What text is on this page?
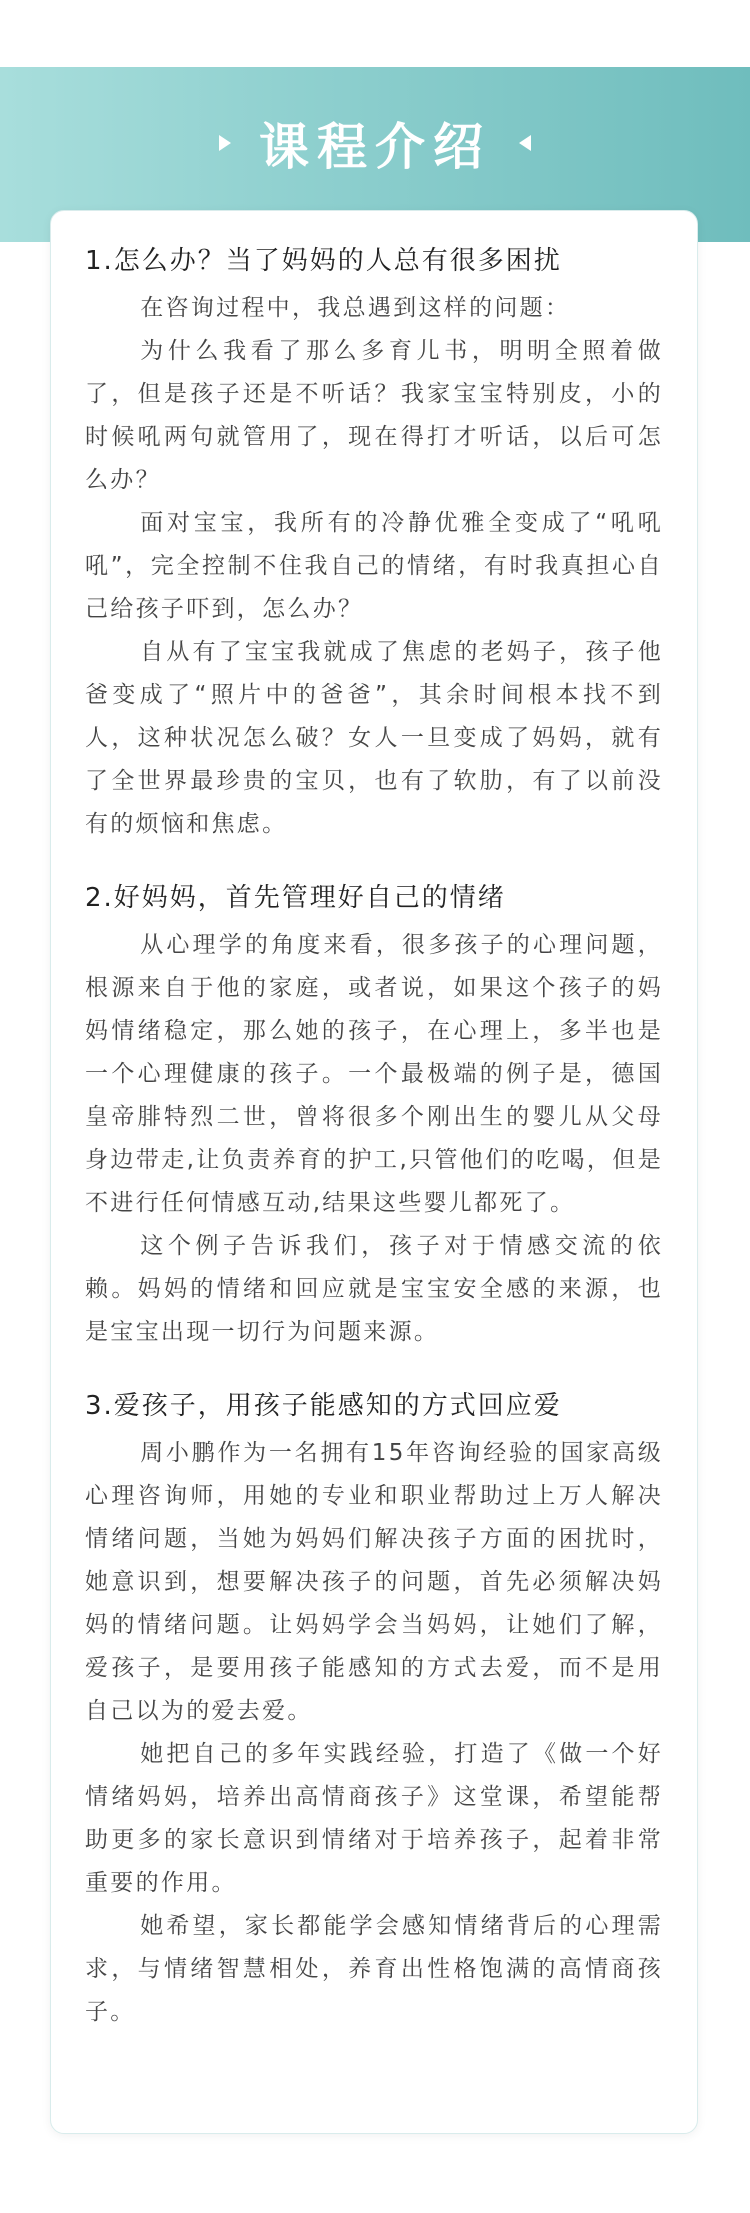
课程介绍

1.怎么办？当了妈妈的人总有很多困扰

在咨询过程中，我总遇到这样的问题：

为什么我看了那么多育儿书，明明全照着做了，但是孩子还是不听话？我家宝宝特别皮，小的时候吼两句就管用了，现在得打才听话，以后可怎么办？

面对宝宝，我所有的冷静优雅全变成了“吼吼吼”，完全控制不住我自己的情绪，有时我真担心自己给孩子吓到，怎么办？

自从有了宝宝我就成了焦虑的老妈子，孩子他爸变成了“照片中的爸爸”，其余时间根本找不到人，这种状况怎么破？女人一旦变成了妈妈，就有了全世界最珍贵的宝贝，也有了软肋，有了以前没有的烦恼和焦虑。

2.好妈妈，首先管理好自己的情绪

从心理学的角度来看，很多孩子的心理问题，根源来自于他的家庭，或者说，如果这个孩子的妈妈情绪稳定，那么她的孩子，在心理上，多半也是一个心理健康的孩子。一个最极端的例子是，德国皇帝腓特烈二世，曾将很多个刚出生的婴儿从父母身边带走,让负责养育的护工,只管他们的吃喝，但是不进行任何情感互动,结果这些婴儿都死了。

这个例子告诉我们，孩子对于情感交流的依赖。妈妈的情绪和回应就是宝宝安全感的来源，也是宝宝出现一切行为问题来源。

3.爱孩子，用孩子能感知的方式回应爱

周小鹏作为一名拥有15年咨询经验的国家高级心理咨询师，用她的专业和职业帮助过上万人解决情绪问题，当她为妈妈们解决孩子方面的困扰时，她意识到，想要解决孩子的问题，首先必须解决妈妈的情绪问题。让妈妈学会当妈妈，让她们了解，爱孩子，是要用孩子能感知的方式去爱，而不是用自己以为的爱去爱。

她把自己的多年实践经验，打造了《做一个好情绪妈妈，培养出高情商孩子》这堂课，希望能帮助更多的家长意识到情绪对于培养孩子，起着非常重要的作用。

她希望，家长都能学会感知情绪背后的心理需求，与情绪智慧相处，养育出性格饱满的高情商孩子。
